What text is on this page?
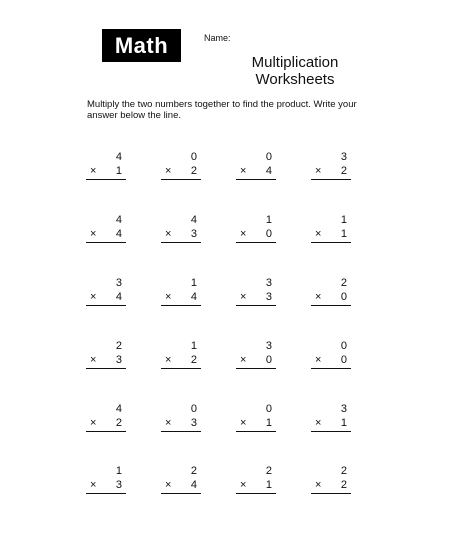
Math	Name:
Multiplication
Worksheets
Multiply the two numbers together to find the product. Write your
answer below the line.
4
× 1
0
× 2
0
× 4
3
× 2
4
× 4
4
× 3
1
× 0
1
× 1
3
× 4
1
× 4
3
× 3
2
× 0
2
× 3
1
× 2
3
× 0
0
× 0
4
× 2
0
× 3
0
× 1
3
× 1
1
× 3
2
× 4
2
× 1
2
× 2
